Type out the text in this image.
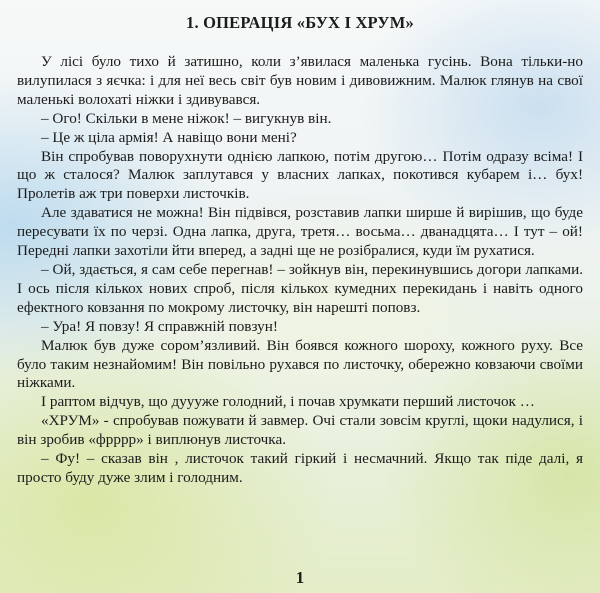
1. ОПЕРАЦІЯ «БУХ І ХРУМ»

У лісі було тихо й затишно, коли з’явилася маленька гусінь. Вона тільки-но вилупилася з яєчка: і для неї весь світ був новим і дивовижним. Малюк глянув на свої маленькі волохаті ніжки і здивувався.

– Ого! Скільки в мене ніжок! – вигукнув він.

– Це ж ціла армія! А навіщо вони мені?

Він спробував поворухнути однією лапкою, потім другою… Потім одразу всіма! І що ж сталося? Малюк заплутався у власних лапках, покотився кубарем і… бух! Пролетів аж три поверхи листочків.

Але здаватися не можна! Він підвівся, розставив лапки ширше й вирішив, що буде пересувати їх по черзі. Одна лапка, друга, третя… восьма… дванадцята… І тут – ой! Передні лапки захотіли йти вперед, а задні ще не розібралися, куди їм рухатися.

– Ой, здається, я сам себе перегнав! – зойкнув він, перекинувшись догори лапками. І ось після кількох нових спроб, після кількох кумедних перекидань і навіть одного ефектного ковзання по мокрому листочку, він нарешті поповз.

– Ура! Я повзу! Я справжній повзун!

Малюк був дуже сором’язливий. Він боявся кожного шороху, кожного руху. Все було таким незнайомим! Він повільно рухався по листочку, обережно ковзаючи своїми ніжками.

І раптом відчув, що дуууже голодний, і почав хрумкати перший листочок …

«ХРУМ» - спробував пожувати й завмер. Очі стали зовсім круглі, щоки надулися, і він зробив «фрррр» і виплюнув листочка.

– Фу! – сказав він , листочок такий гіркий і несмачний. Якщо так піде далі, я просто буду дуже злим і голодним.

1
